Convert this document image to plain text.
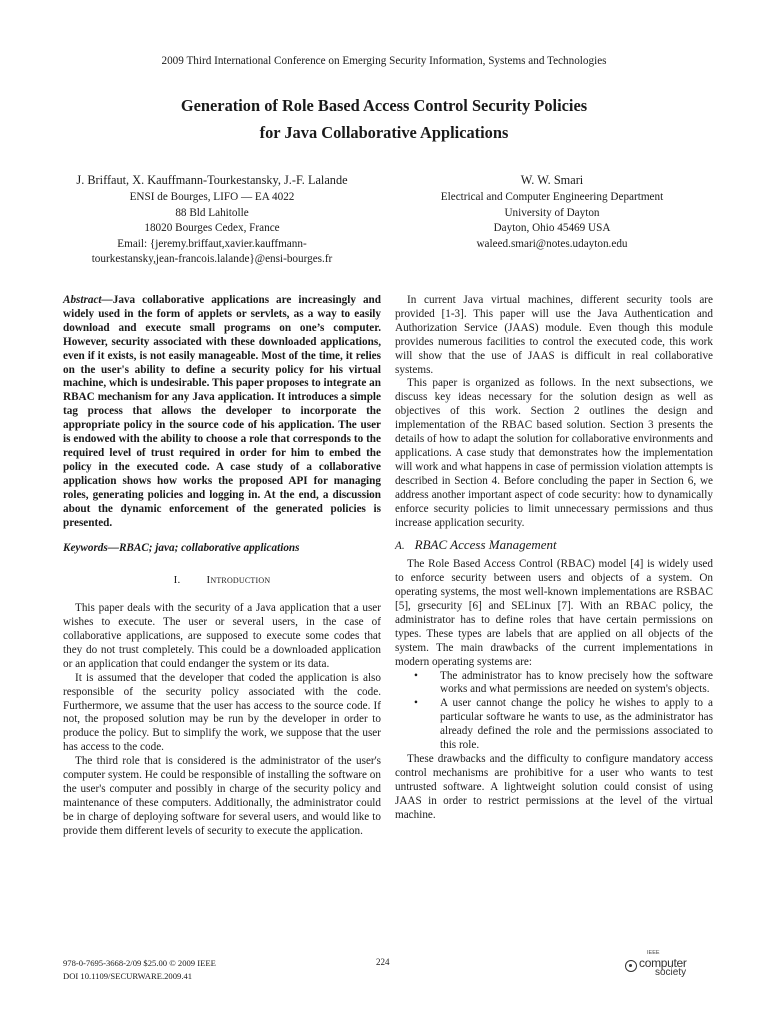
2009 Third International Conference on Emerging Security Information, Systems and Technologies
Generation of Role Based Access Control Security Policies
for Java Collaborative Applications
J. Briffaut, X. Kauffmann-Tourkestansky, J.-F. Lalande
ENSI de Bourges, LIFO — EA 4022
88 Bld Lahitolle
18020 Bourges Cedex, France
Email: {jeremy.briffaut,xavier.kauffmann-
tourkestansky,jean-francois.lalande}@ensi-bourges.fr
W. W. Smari
Electrical and Computer Engineering Department
University of Dayton
Dayton, Ohio 45469 USA
waleed.smari@notes.udayton.edu

Abstract—Java collaborative applications are increasingly and widely used in the form of applets or servlets, as a way to easily download and execute small programs on one’s computer. However, security associated with these downloaded applications, even if it exists, is not easily manageable. Most of the time, it relies on the user's ability to define a security policy for his virtual machine, which is undesirable. This paper proposes to integrate an RBAC mechanism for any Java application. It introduces a simple tag process that allows the developer to incorporate the appropriate policy in the source code of his application. The user is endowed with the ability to choose a role that corresponds to the required level of trust required in order for him to embed the policy in the executed code. A case study of a collaborative application shows how works the proposed API for managing roles, generating policies and logging in. At the end, a discussion about the dynamic enforcement of the generated policies is presented.

Keywords—RBAC; java; collaborative applications

I. Introduction

This paper deals with the security of a Java application that a user wishes to execute. The user or several users, in the case of collaborative applications, are supposed to execute some codes that they do not trust completely. This could be a downloaded application or an application that could endanger the system or its data.

It is assumed that the developer that coded the application is also responsible of the security policy associated with the code. Furthermore, we assume that the user has access to the source code. If not, the proposed solution may be run by the developer in order to produce the policy. But to simplify the work, we suppose that the user has access to the code.

The third role that is considered is the administrator of the user's computer system. He could be responsible of installing the software on the user's computer and possibly in charge of the security policy and maintenance of these computers. Additionally, the administrator could be in charge of deploying software for several users, and would like to provide them different levels of security to execute the application.

In current Java virtual machines, different security tools are provided [1-3]. This paper will use the Java Authentication and Authorization Service (JAAS) module. Even though this module provides numerous facilities to control the executed code, this work will show that the use of JAAS is difficult in real collaborative systems.

This paper is organized as follows. In the next subsections, we discuss key ideas necessary for the solution design as well as objectives of this work. Section 2 outlines the design and implementation of the RBAC based solution. Section 3 presents the details of how to adapt the solution for collaborative environments and applications. A case study that demonstrates how the implementation will work and what happens in case of permission violation attempts is described in Section 4. Before concluding the paper in Section 6, we address another important aspect of code security: how to dynamically enforce security policies to limit unnecessary permissions and thus increase application security.

A. RBAC Access Management

The Role Based Access Control (RBAC) model [4] is widely used to enforce security between users and objects of a system. On operating systems, the most well-known implementations are RSBAC [5], grsecurity [6] and SELinux [7]. With an RBAC policy, the administrator has to define roles that have certain permissions on types. These types are labels that are applied on all objects of the system. The main drawbacks of the current implementations in modern operating systems are:

• The administrator has to know precisely how the software works and what permissions are needed on system's objects.
• A user cannot change the policy he wishes to apply to a particular software he wants to use, as the administrator has already defined the role and the permissions associated to this role.

These drawbacks and the difficulty to configure mandatory access control mechanisms are prohibitive for a user who wants to test untrusted software. A lightweight solution could consist of using JAAS in order to restrict permissions at the level of the virtual machine.

978-0-7695-3668-2/09 $25.00 © 2009 IEEE
DOI 10.1109/SECURWARE.2009.41
224
IEEE
computer
society
